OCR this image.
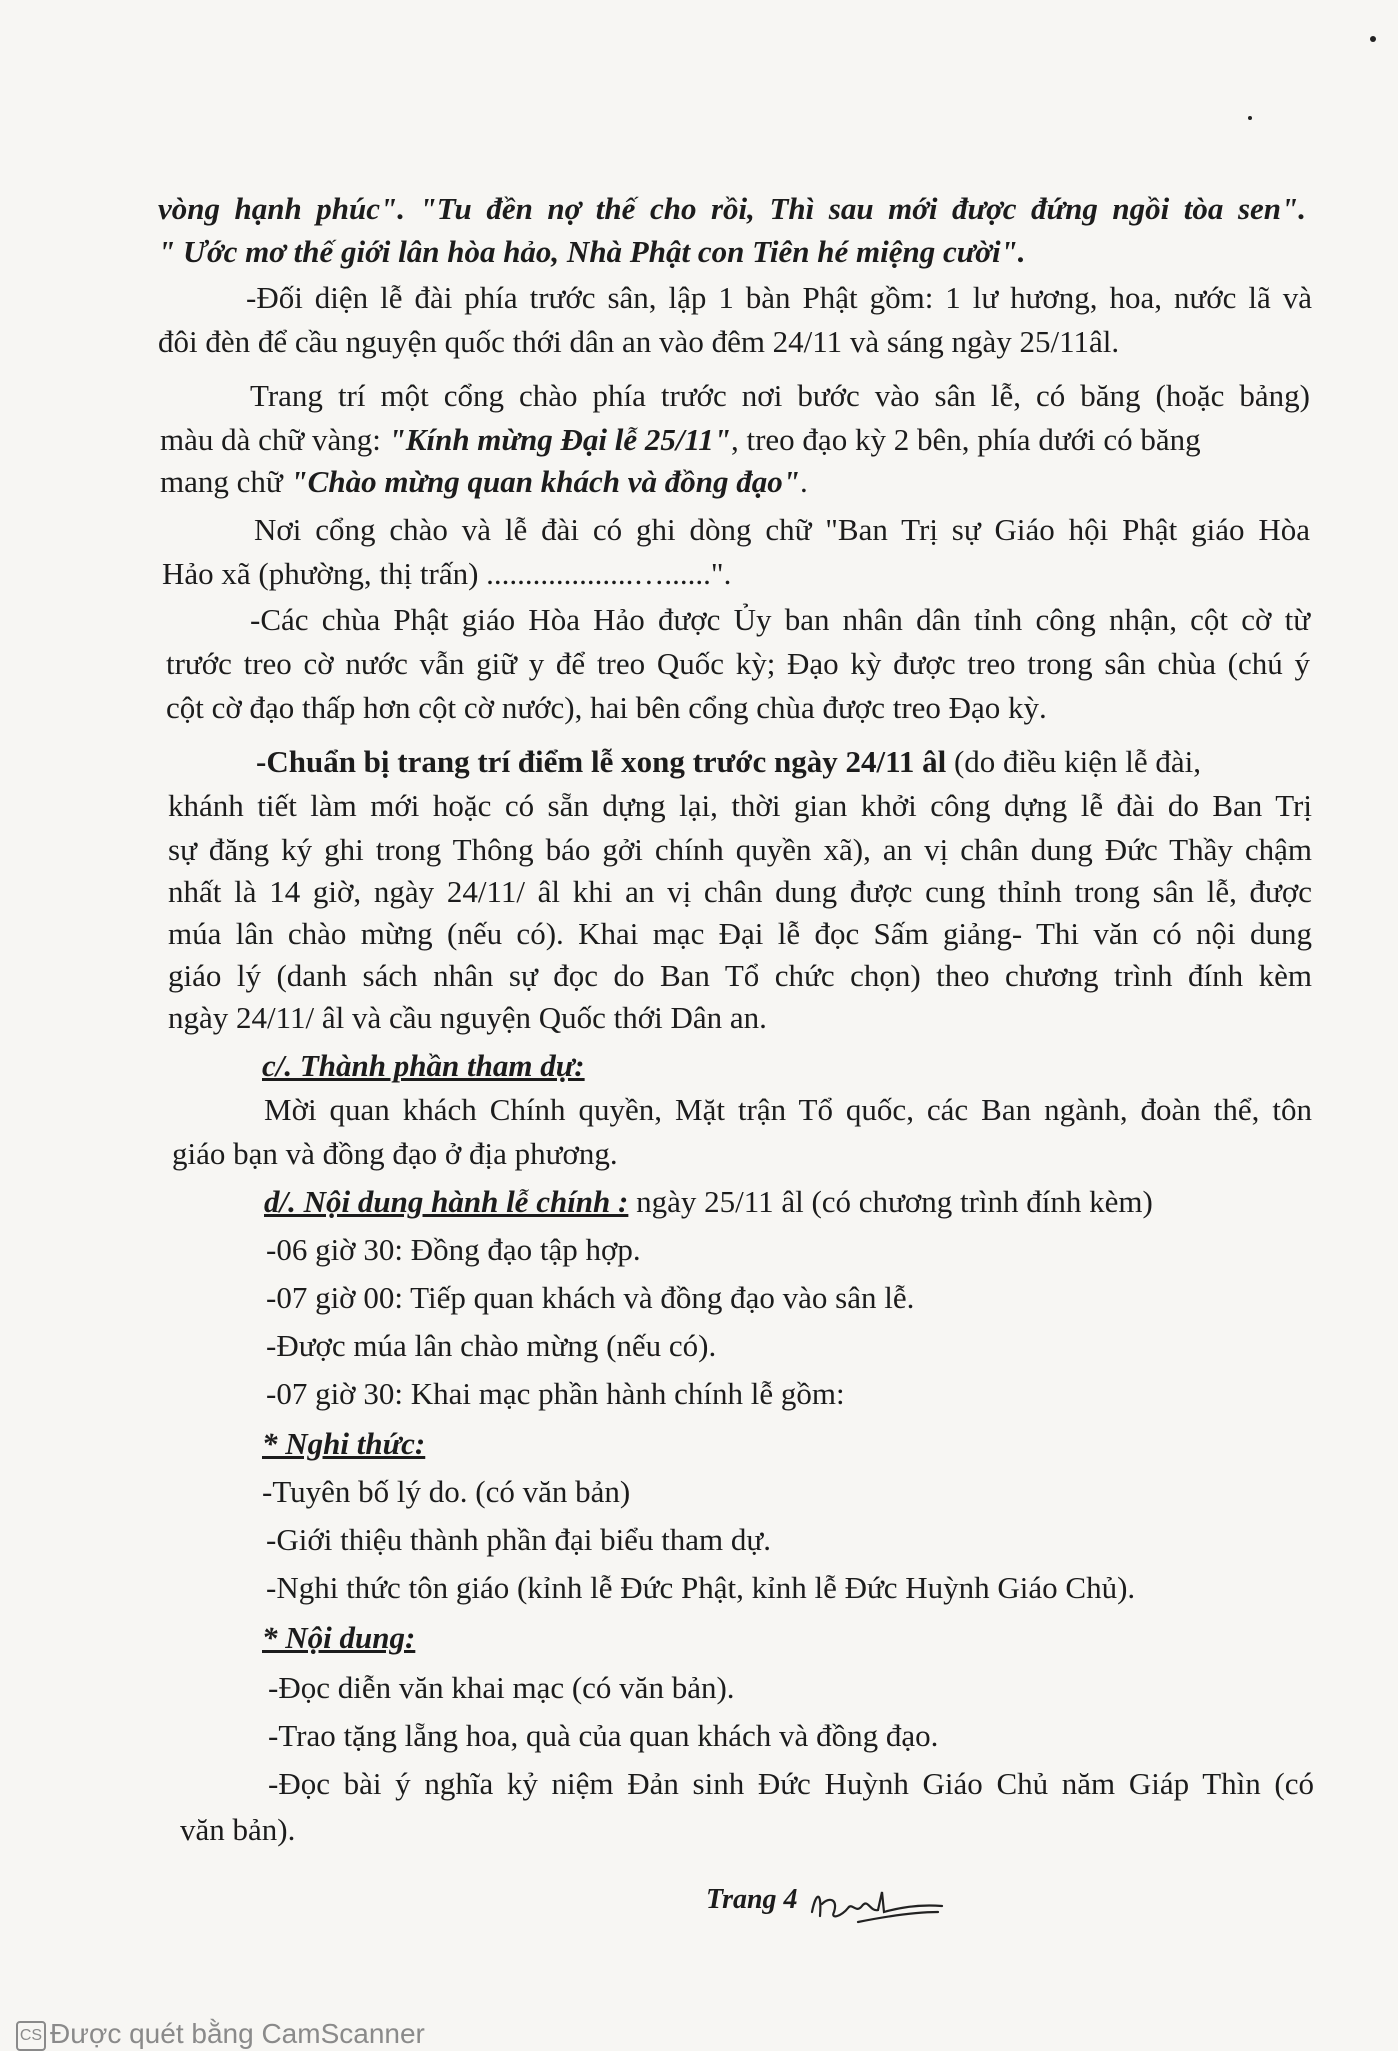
vòng hạnh phúc". "Tu đền nợ thế cho rồi, Thì sau mới được đứng ngồi tòa sen".
" Ước mơ thế giới lân hòa hảo, Nhà Phật con Tiên hé miệng cười".
-Đối diện lễ đài phía trước sân, lập 1 bàn Phật gồm: 1 lư hương, hoa, nước lã và
đôi đèn để cầu nguyện quốc thới dân an vào đêm 24/11 và sáng ngày 25/11âl.
Trang trí một cổng chào phía trước nơi bước vào sân lễ, có băng (hoặc bảng)
màu dà chữ vàng: "Kính mừng Đại lễ 25/11", treo đạo kỳ 2 bên, phía dưới có băng
mang chữ "Chào mừng quan khách và đồng đạo".
Nơi cổng chào và lễ đài có ghi dòng chữ "Ban Trị sự Giáo hội Phật giáo Hòa
Hảo xã (phường, thị trấn) ...................…......".
-Các chùa Phật giáo Hòa Hảo được Ủy ban nhân dân tỉnh công nhận, cột cờ từ
trước treo cờ nước vẫn giữ y để treo Quốc kỳ; Đạo kỳ được treo trong sân chùa (chú ý
cột cờ đạo thấp hơn cột cờ nước), hai bên cổng chùa được treo Đạo kỳ.
-Chuẩn bị trang trí điểm lễ xong trước ngày 24/11 âl (do điều kiện lễ đài,
khánh tiết làm mới hoặc có sẵn dựng lại, thời gian khởi công dựng lễ đài do Ban Trị
sự đăng ký ghi trong Thông báo gởi chính quyền xã), an vị chân dung Đức Thầy chậm
nhất là 14 giờ, ngày 24/11/ âl khi an vị chân dung được cung thỉnh trong sân lễ, được
múa lân chào mừng (nếu có). Khai mạc Đại lễ đọc Sấm giảng- Thi văn có nội dung
giáo lý (danh sách nhân sự đọc do Ban Tổ chức chọn) theo chương trình đính kèm
ngày 24/11/ âl và cầu nguyện Quốc thới Dân an.
c/. Thành phần tham dự:
Mời quan khách Chính quyền, Mặt trận Tổ quốc, các Ban ngành, đoàn thể, tôn
giáo bạn và đồng đạo ở địa phương.
d/. Nội dung hành lễ chính : ngày 25/11 âl (có chương trình đính kèm)
-06 giờ 30: Đồng đạo tập hợp.
-07 giờ 00: Tiếp quan khách và đồng đạo vào sân lễ.
-Được múa lân chào mừng (nếu có).
-07 giờ 30: Khai mạc phần hành chính lễ gồm:
* Nghi thức:
-Tuyên bố lý do. (có văn bản)
-Giới thiệu thành phần đại biểu tham dự.
-Nghi thức tôn giáo (kỉnh lễ Đức Phật, kỉnh lễ Đức Huỳnh Giáo Chủ).
* Nội dung:
-Đọc diễn văn khai mạc (có văn bản).
-Trao tặng lẵng hoa, quà của quan khách và đồng đạo.
-Đọc bài ý nghĩa kỷ niệm Đản sinh Đức Huỳnh Giáo Chủ năm Giáp Thìn (có
văn bản).
Trang 4
CS Được quét bằng CamScanner
